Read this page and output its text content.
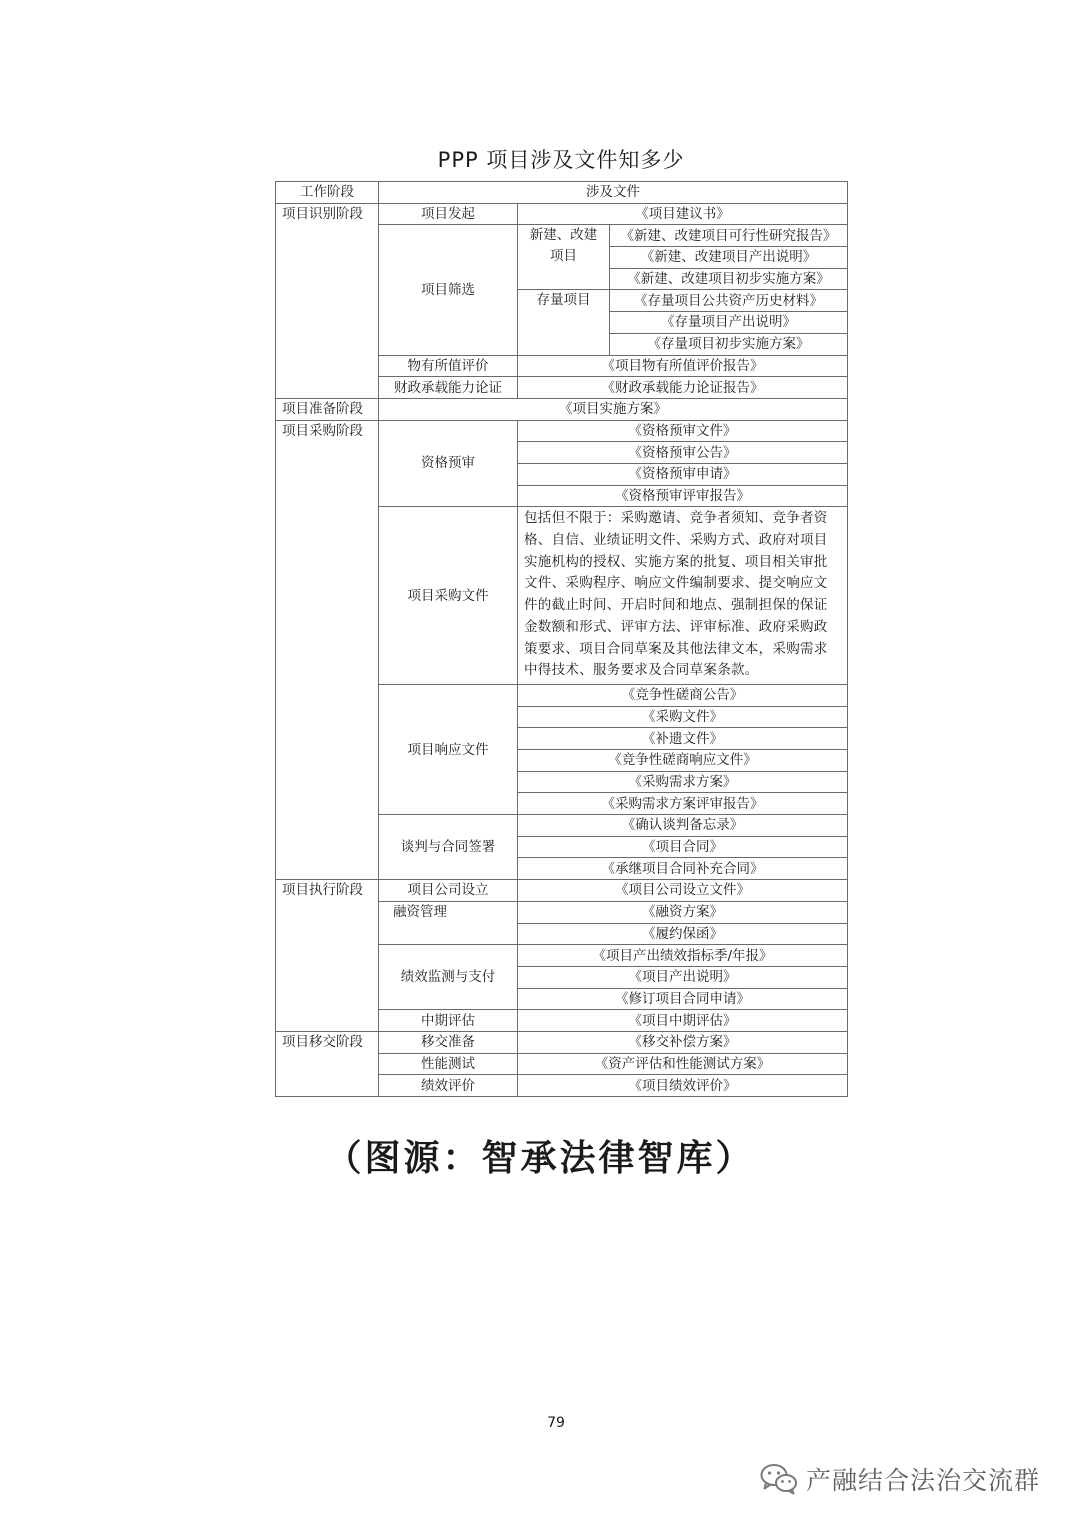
PPP 项目涉及文件知多少
工作阶段	涉及文件		
项目识别阶段	项目发起	《项目建议书》	
	项目筛选	新建、改建项目	《新建、改建项目可行性研究报告》
			《新建、改建项目产出说明》
			《新建、改建项目初步实施方案》
		存量项目	《存量项目公共资产历史材料》
			《存量项目产出说明》
			《存量项目初步实施方案》
	物有所值评价	《项目物有所值评价报告》	
	财政承载能力论证	《财政承载能力论证报告》	
项目准备阶段	《项目实施方案》		
项目采购阶段	资格预审	《资格预审文件》	
		《资格预审公告》	
		《资格预审申请》	
		《资格预审评审报告》	
	项目采购文件	包括但不限于：采购邀请、竞争者须知、竞争者资格、自信、业绩证明文件、采购方式、政府对项目实施机构的授权、实施方案的批复、项目相关审批文件、采购程序、响应文件编制要求、提交响应文件的截止时间、开启时间和地点、强制担保的保证金数额和形式、评审方法、评审标准、政府采购政策要求、项目合同草案及其他法律文本，采购需求中得技术、服务要求及合同草案条款。	
	项目响应文件	《竞争性磋商公告》	
		《采购文件》	
		《补遗文件》	
		《竞争性磋商响应文件》	
		《采购需求方案》	
		《采购需求方案评审报告》	
	谈判与合同签署	《确认谈判备忘录》	
		《项目合同》	
		《承继项目合同补充合同》	
项目执行阶段	项目公司设立	《项目公司设立文件》	
	融资管理	《融资方案》	
		《履约保函》	
	绩效监测与支付	《项目产出绩效指标季/年报》	
		《项目产出说明》	
		《修订项目合同申请》	
	中期评估	《项目中期评估》	
项目移交阶段	移交准备	《移交补偿方案》	
	性能测试	《资产评估和性能测试方案》	
	绩效评价	《项目绩效评价》	
（图源：智承法律智库）
79
产融结合法治交流群
